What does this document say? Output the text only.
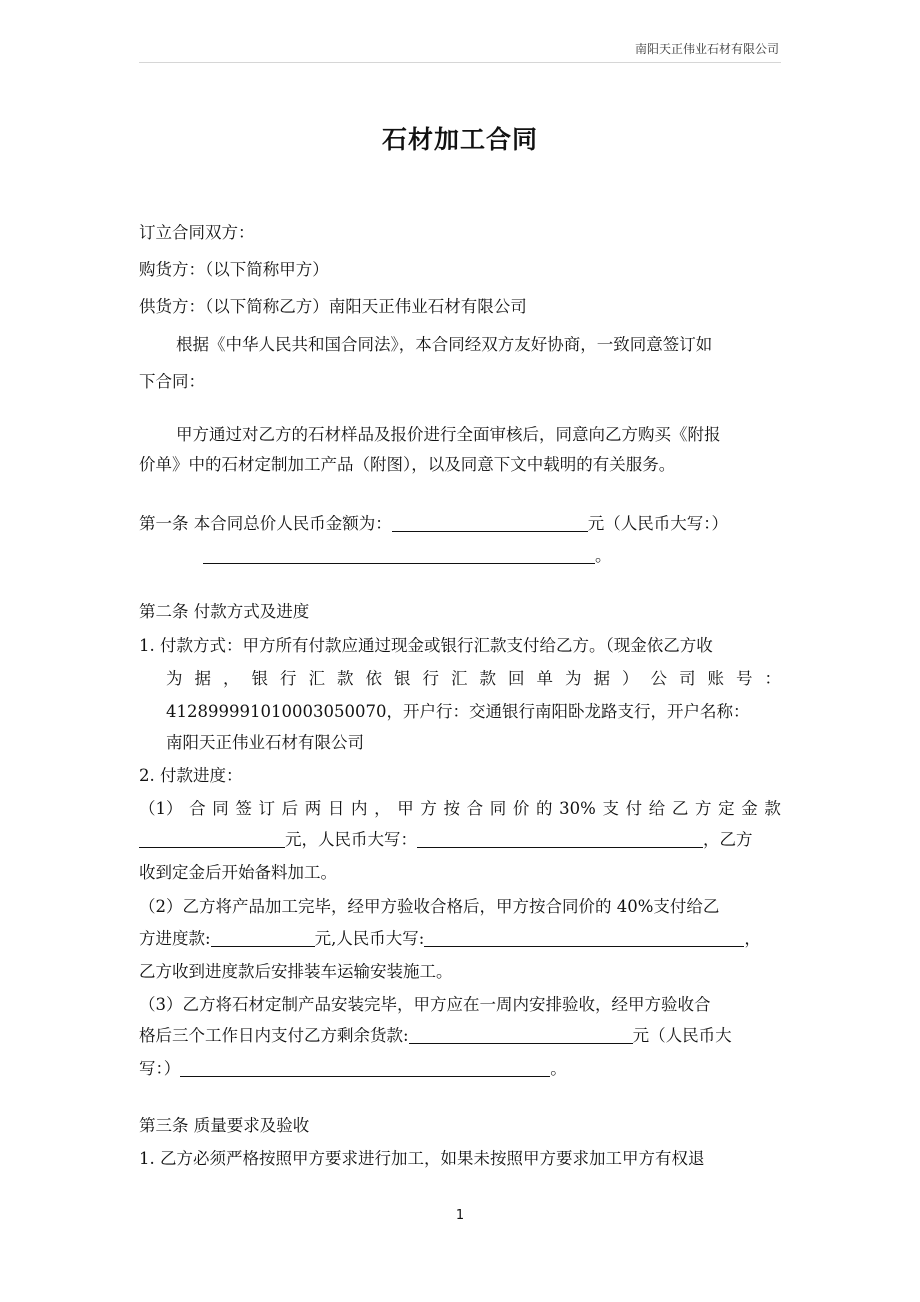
南阳天正伟业石材有限公司
石材加工合同
订立合同双方：
购货方：（以下简称甲方）
供货方：（以下简称乙方）南阳天正伟业石材有限公司
根据《中华人民共和国合同法》，本合同经双方友好协商，一致同意签订如
下合同：
甲方通过对乙方的石材样品及报价进行全面审核后，同意向乙方购买《附报
价单》中的石材定制加工产品（附图），以及同意下文中载明的有关服务。
第一条 本合同总价人民币金额为：	元（人民币大写：）
。
第二条 付款方式及进度
1. 付款方式：甲方所有付款应通过现金或银行汇款支付给乙方。（现金依乙方收
为 据 ， 银 行 汇 款 依 银 行 汇 款 回 单 为 据 ） 公 司 账 号 ：
412899991010003050070，开户行：交通银行南阳卧龙路支行，开户名称：
南阳天正伟业石材有限公司
2. 付款进度：
（1） 合 同 签 订 后 两 日 内 ， 甲 方 按 合 同 价 的 30% 支 付 给 乙 方 定 金 款
元，人民币大写：	，乙方
收到定金后开始备料加工。
（2）乙方将产品加工完毕，经甲方验收合格后，甲方按合同价的 40%支付给乙
方进度款:	元,人民币大写:	，
乙方收到进度款后安排装车运输安装施工。
（3）乙方将石材定制产品安装完毕，甲方应在一周内安排验收，经甲方验收合
格后三个工作日内支付乙方剩余货款:	元（人民币大
写：）	。
第三条 质量要求及验收
1. 乙方必须严格按照甲方要求进行加工，如果未按照甲方要求加工甲方有权退
1
